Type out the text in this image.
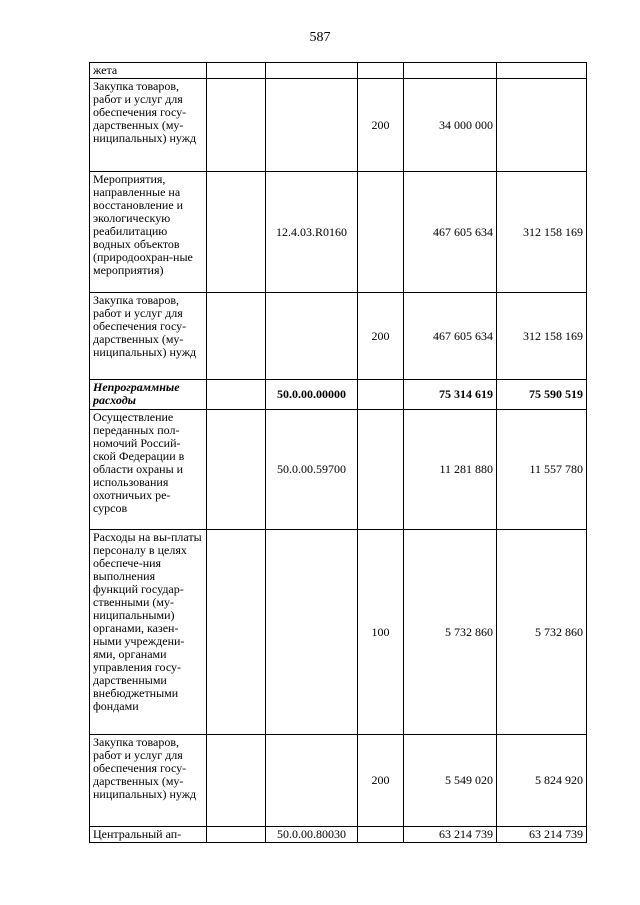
587
жета					
Закупка товаров, работ и услуг для обеспечения госу-дарственных (му-ниципальных) нужд			200	34 000 000	
Мероприятия, направленные на восстановление и экологическую реабилитацию водных объектов (природоохран-ные мероприятия)		12.4.03.R0160		467 605 634	312 158 169
Закупка товаров, работ и услуг для обеспечения госу-дарственных (му-ниципальных) нужд			200	467 605 634	312 158 169
Непрограммные расходы		50.0.00.00000		75 314 619	75 590 519
Осуществление переданных пол-номочий Россий-ской Федерации в области охраны и использования охотничьих ре-сурсов		50.0.00.59700		11 281 880	11 557 780
Расходы на вы-платы персоналу в целях обеспече-ния выполнения функций государ-ственными (му-ниципальными) органами, казен-ными учреждени-ями, органами управления госу-дарственными внебюджетными фондами			100	5 732 860	5 732 860
Закупка товаров, работ и услуг для обеспечения госу-дарственных (му-ниципальных) нужд			200	5 549 020	5 824 920
Центральный ап-		50.0.00.80030		63 214 739	63 214 739
